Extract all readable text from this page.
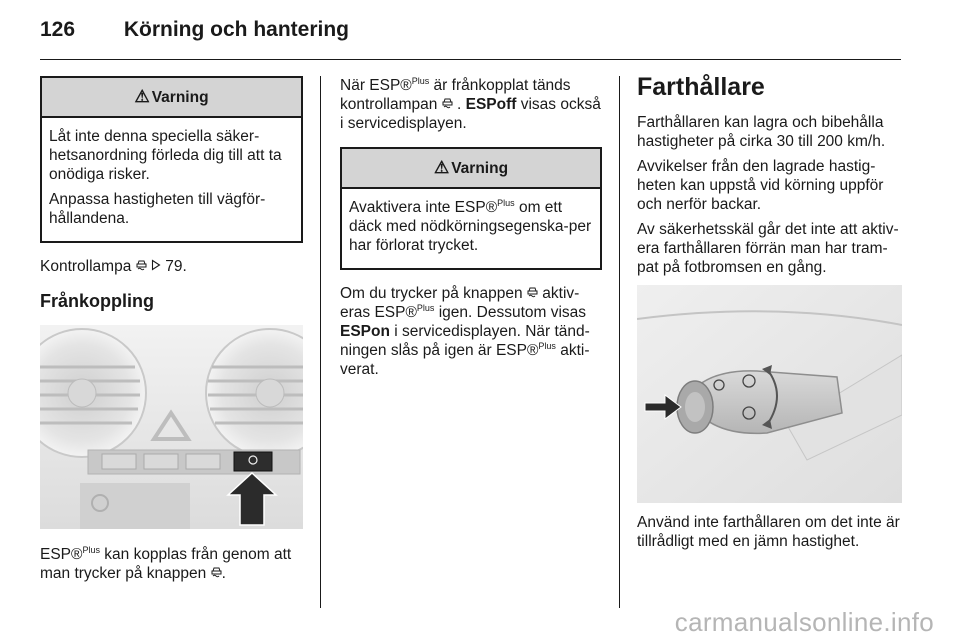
126 Körning och hantering
⚠ Varning

Låt inte denna speciella säker-hetsanordning förleda dig till att ta onödiga risker.

Anpassa hastigheten till vägför-hållandena.

Kontrollampa 79.

Frånkoppling

ESP®$^{Plus}$ kan kopplas från genom att man trycker på knappen .

När ESP®$^{Plus}$ är frånkopplat tänds kontrollampan . ESPoff visas också i servicedisplayen.

⚠ Varning

Avaktivera inte ESP®$^{Plus}$ om ett däck med nödkörningsegenska-per har förlorat trycket.

Om du trycker på knappen aktiv-eras ESP®$^{Plus}$ igen. Dessutom visas ESPon i servicedisplayen. När tänd-ningen slås på igen är ESP®$^{Plus}$ akti-verat.

Farthållare

Farthållaren kan lagra och bibehålla hastigheter på cirka 30 till 200 km/h.

Avvikelser från den lagrade hastig-heten kan uppstå vid körning uppför och nerför backar.

Av säkerhetsskäl går det inte att aktiv-era farthållaren förrän man har tram-pat på fotbromsen en gång.

Använd inte farthållaren om det inte är tillrådligt med en jämn hastighet.

carmanualsonline.info
